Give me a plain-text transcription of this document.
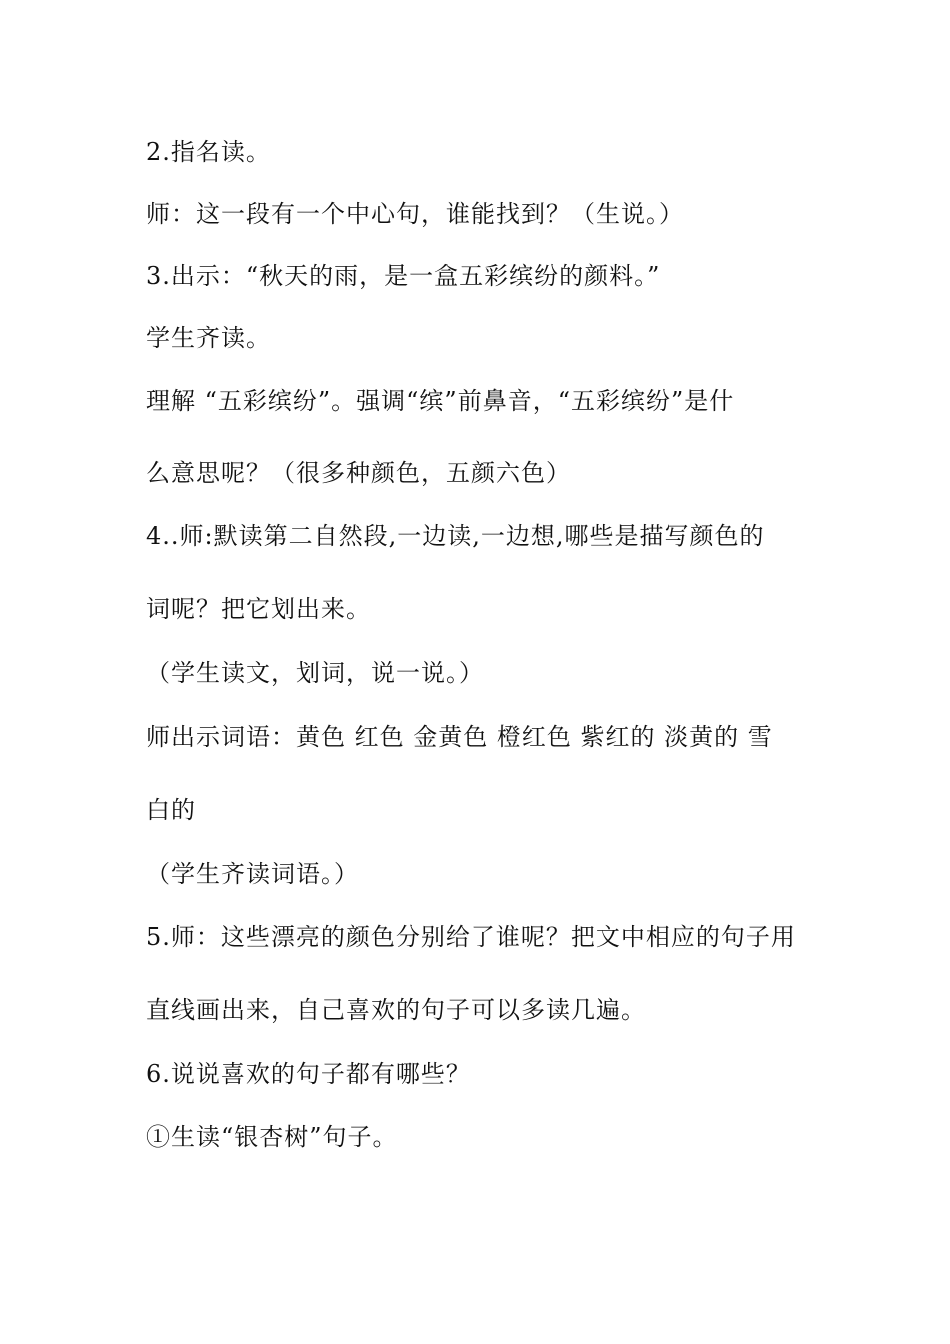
2.指名读。
师：这一段有一个中心句，谁能找到？（生说。）
3.出示：“秋天的雨，是一盒五彩缤纷的颜料。”
学生齐读。
理解 “五彩缤纷”。强调“缤”前鼻音，“五彩缤纷”是什
么意思呢？（很多种颜色，五颜六色）
4..师:默读第二自然段,一边读,一边想,哪些是描写颜色的
词呢？把它划出来。
（学生读文，划词，说一说。）
师出示词语：黄色 红色 金黄色 橙红色 紫红的 淡黄的 雪
白的
（学生齐读词语。）
5.师：这些漂亮的颜色分别给了谁呢？把文中相应的句子用
直线画出来，自己喜欢的句子可以多读几遍。
6.说说喜欢的句子都有哪些？
①生读“银杏树”句子。
